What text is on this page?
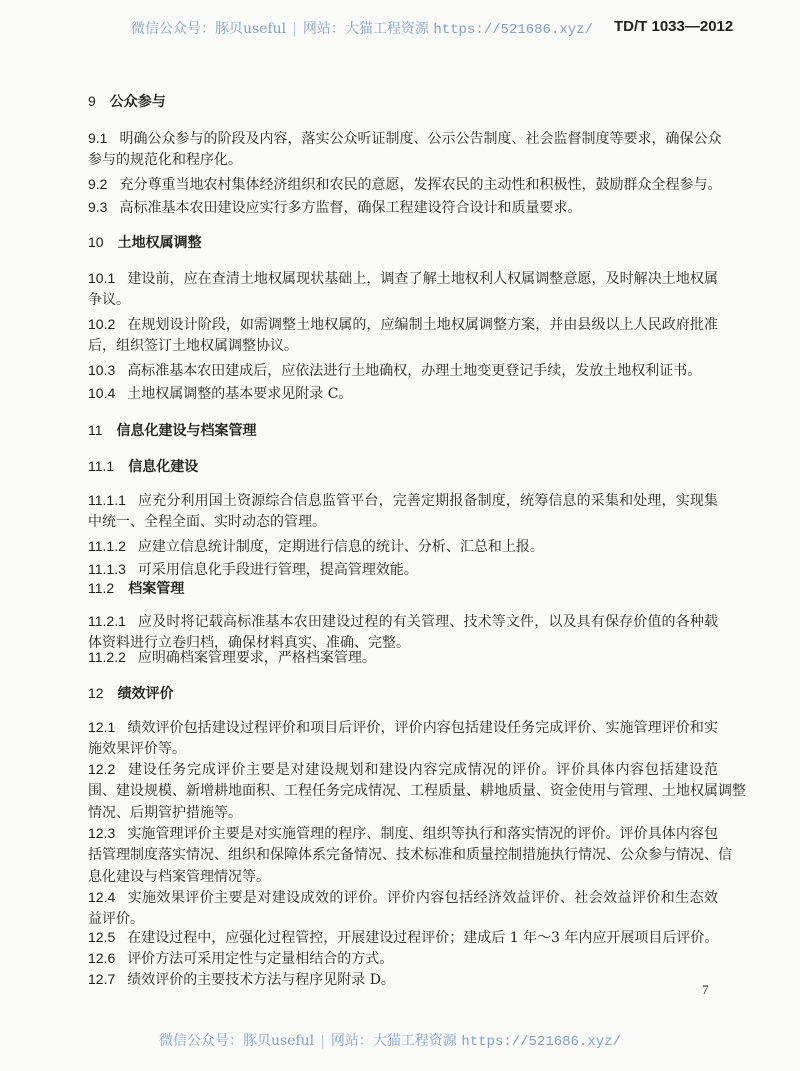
微信公众号：豚贝useful | 网站：大猫工程资源 https://521686.xyz/	TD/T 1033—2012
9 公众参与
9.1 明确公众参与的阶段及内容，落实公众听证制度、公示公告制度、社会监督制度等要求，确保公众
参与的规范化和程序化。
9.2 充分尊重当地农村集体经济组织和农民的意愿，发挥农民的主动性和积极性，鼓励群众全程参与。
9.3 高标准基本农田建设应实行多方监督，确保工程建设符合设计和质量要求。
10 土地权属调整
10.1 建设前，应在查清土地权属现状基础上，调查了解土地权利人权属调整意愿，及时解决土地权属
争议。
10.2 在规划设计阶段，如需调整土地权属的，应编制土地权属调整方案，并由县级以上人民政府批准
后，组织签订土地权属调整协议。
10.3 高标准基本农田建成后，应依法进行土地确权，办理土地变更登记手续，发放土地权利证书。
10.4 土地权属调整的基本要求见附录 C。
11 信息化建设与档案管理
11.1 信息化建设
11.1.1 应充分利用国土资源综合信息监管平台，完善定期报备制度，统筹信息的采集和处理，实现集
中统一、全程全面、实时动态的管理。
11.1.2 应建立信息统计制度，定期进行信息的统计、分析、汇总和上报。
11.1.3 可采用信息化手段进行管理，提高管理效能。
11.2 档案管理
11.2.1 应及时将记载高标准基本农田建设过程的有关管理、技术等文件，以及具有保存价值的各种载
体资料进行立卷归档，确保材料真实、准确、完整。
11.2.2 应明确档案管理要求，严格档案管理。
12 绩效评价
12.1 绩效评价包括建设过程评价和项目后评价，评价内容包括建设任务完成评价、实施管理评价和实
施效果评价等。
12.2 建设任务完成评价主要是对建设规划和建设内容完成情况的评价。评价具体内容包括建设范
围、建设规模、新增耕地面积、工程任务完成情况、工程质量、耕地质量、资金使用与管理、土地权属调整
情况、后期管护措施等。
12.3 实施管理评价主要是对实施管理的程序、制度、组织等执行和落实情况的评价。评价具体内容包
括管理制度落实情况、组织和保障体系完备情况、技术标准和质量控制措施执行情况、公众参与情况、信
息化建设与档案管理情况等。
12.4 实施效果评价主要是对建设成效的评价。评价内容包括经济效益评价、社会效益评价和生态效
益评价。
12.5 在建设过程中，应强化过程管控，开展建设过程评价；建成后 1 年～3 年内应开展项目后评价。
12.6 评价方法可采用定性与定量相结合的方式。
12.7 绩效评价的主要技术方法与程序见附录 D。
7
微信公众号：豚贝useful | 网站：大猫工程资源 https://521686.xyz/
